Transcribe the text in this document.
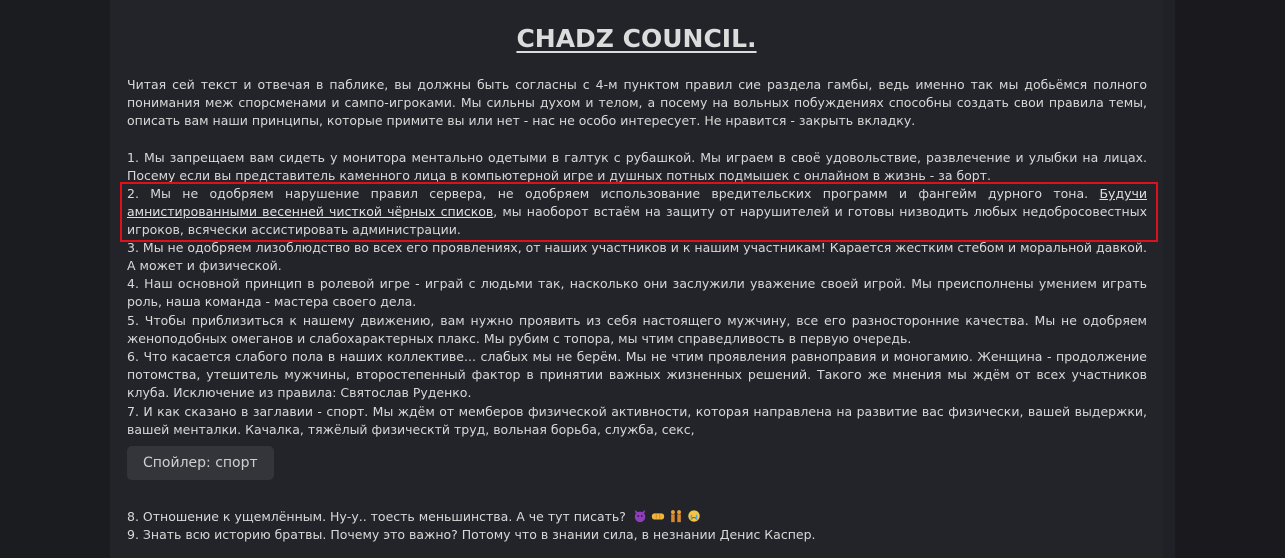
CHADZ COUNCIL.
Читая сей текст и отвечая в паблике, вы должны быть согласны с 4-м пунктом правил сие раздела гамбы, ведь именно так мы добьёмся полного понимания меж спорсменами и сампо-игроками. Мы сильны духом и телом, а посему на вольных побуждениях способны создать свои правила темы, описать вам наши принципы, которые примите вы или нет - нас не особо интересует. Не нравится - закрыть вкладку.
1. Мы запрещаем вам сидеть у монитора ментально одетыми в галтук с рубашкой. Мы играем в своё удовольствие, развлечение и улыбки на лицах. Посему если вы представитель каменного лица в компьютерной игре и душных потных подмышек с онлайном в жизнь - за борт.
2. Мы не одобряем нарушение правил сервера, не одобряем использование вредительских программ и фангейм дурного тона. Будучи амнистированными весенней чисткой чёрных списков, мы наоборот встаём на защиту от нарушителей и готовы низводить любых недобросовестных игроков, всячески ассистировать администрации.
3. Мы не одобряем лизоблюдство во всех его проявлениях, от наших участников и к нашим участникам! Карается жестким стебом и моральной давкой. А может и физической.
4. Наш основной принцип в ролевой игре - играй с людьми так, насколько они заслужили уважение своей игрой. Мы преисполнены умением играть роль, наша команда - мастера своего дела.
5. Чтобы приблизиться к нашему движению, вам нужно проявить из себя настоящего мужчину, все его разносторонние качества. Мы не одобряем женоподобных омеганов и слабохарактерных плакс. Мы рубим с топора, мы чтим справедливость в первую очередь.
6. Что касается слабого пола в наших коллективе... слабых мы не берём. Мы не чтим проявления равноправия и моногамию. Женщина - продолжение потомства, утешитель мужчины, второстепенный фактор в принятии важных жизненных решений. Такого же мнения мы ждём от всех участников клуба. Исключение из правила: Святослав Руденко.
7. И как сказано в заглавии - спорт. Мы ждём от мемберов физической активности, которая направлена на развитие вас физически, вашей выдержки, вашей менталки. Качалка, тяжёлый физическтй труд, вольная борьба, служба, секс,
Спойлер: спорт
8. Отношение к ущемлённым. Ну-у.. тоесть меньшинства. А че тут писать?
9. Знать всю историю братвы. Почему это важно? Потому что в знании сила, в незнании Денис Каспер.
